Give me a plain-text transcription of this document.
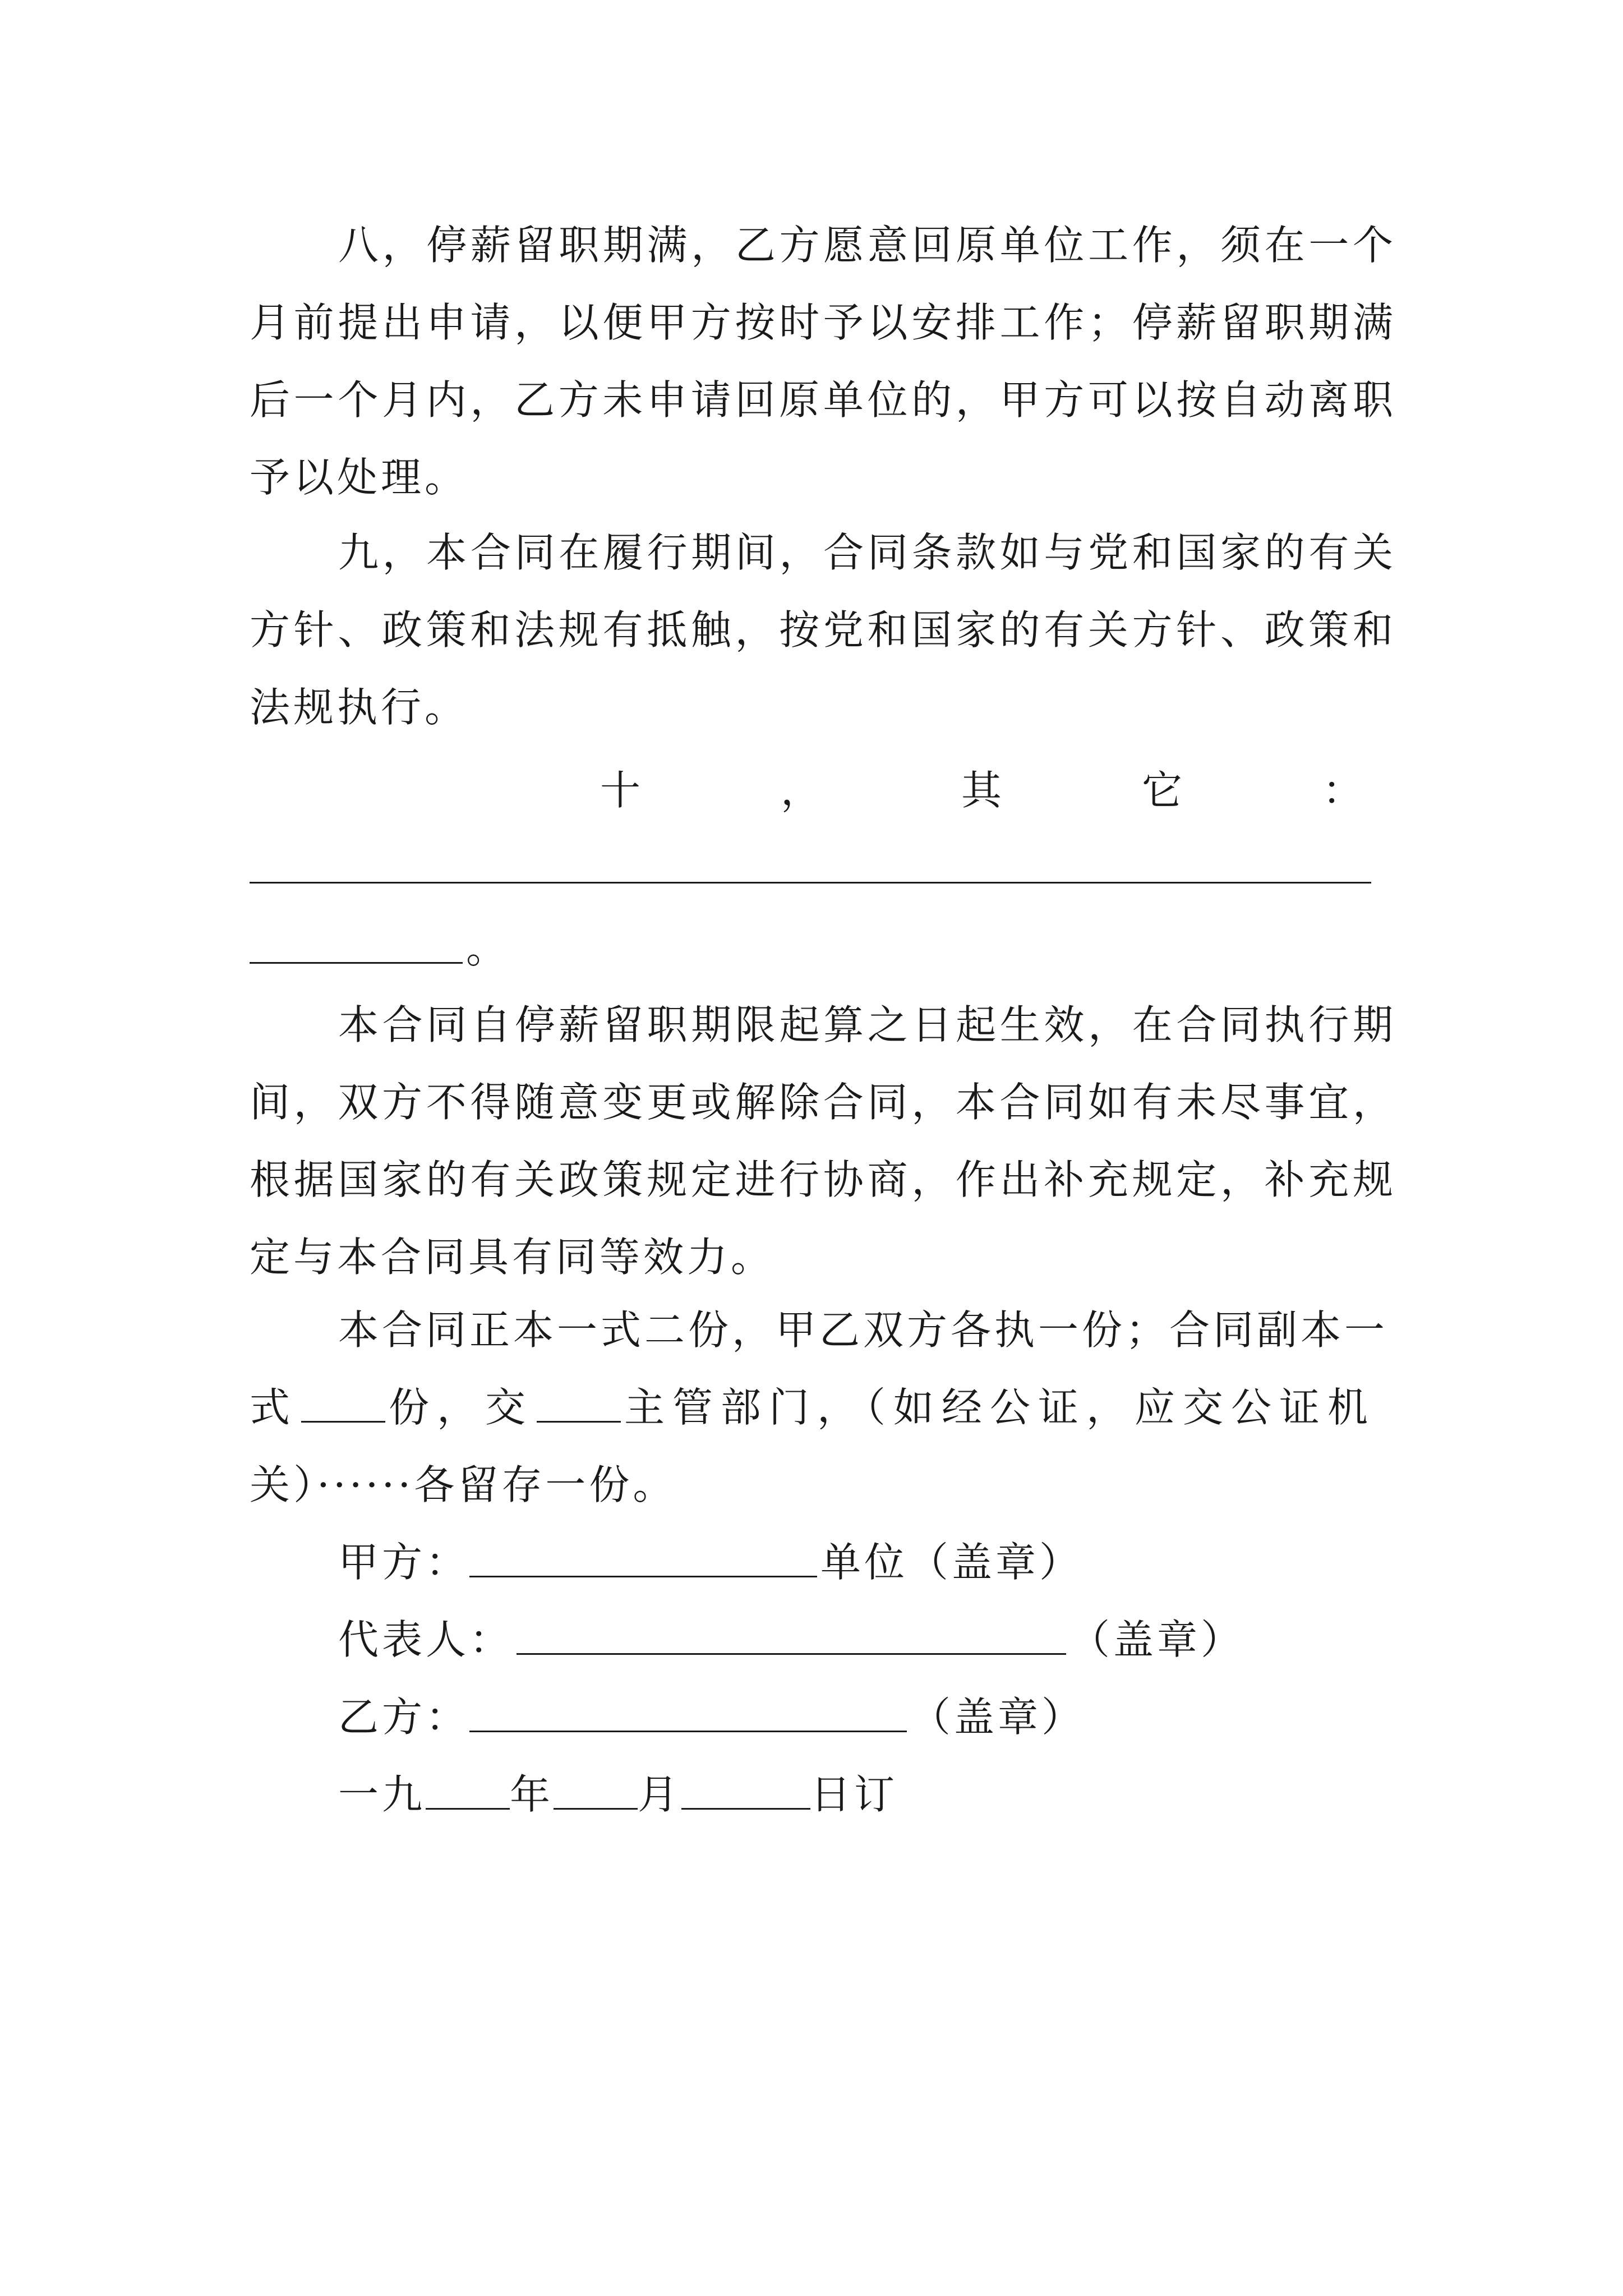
八，停薪留职期满，乙方愿意回原单位工作，须在一个月前提出申请，以便甲方按时予以安排工作；停薪留职期满后一个月内，乙方未申请回原单位的，甲方可以按自动离职予以处理。

九，本合同在履行期间，合同条款如与党和国家的有关方针、政策和法规有抵触，按党和国家的有关方针、政策和法规执行。

十	，	其	它	：
。

本合同自停薪留职期限起算之日起生效，在合同执行期间，双方不得随意变更或解除合同，本合同如有未尽事宜，根据国家的有关政策规定进行协商，作出补充规定，补充规定与本合同具有同等效力。

本合同正本一式二份，甲乙双方各执一份；合同副本一
式 份，交 主管部门，（如经公证，应交公证机
关）······各留存一份。
甲方：	单位（盖章）
代表人：	（盖章）
乙方：	（盖章）
一九 年 月	日订
